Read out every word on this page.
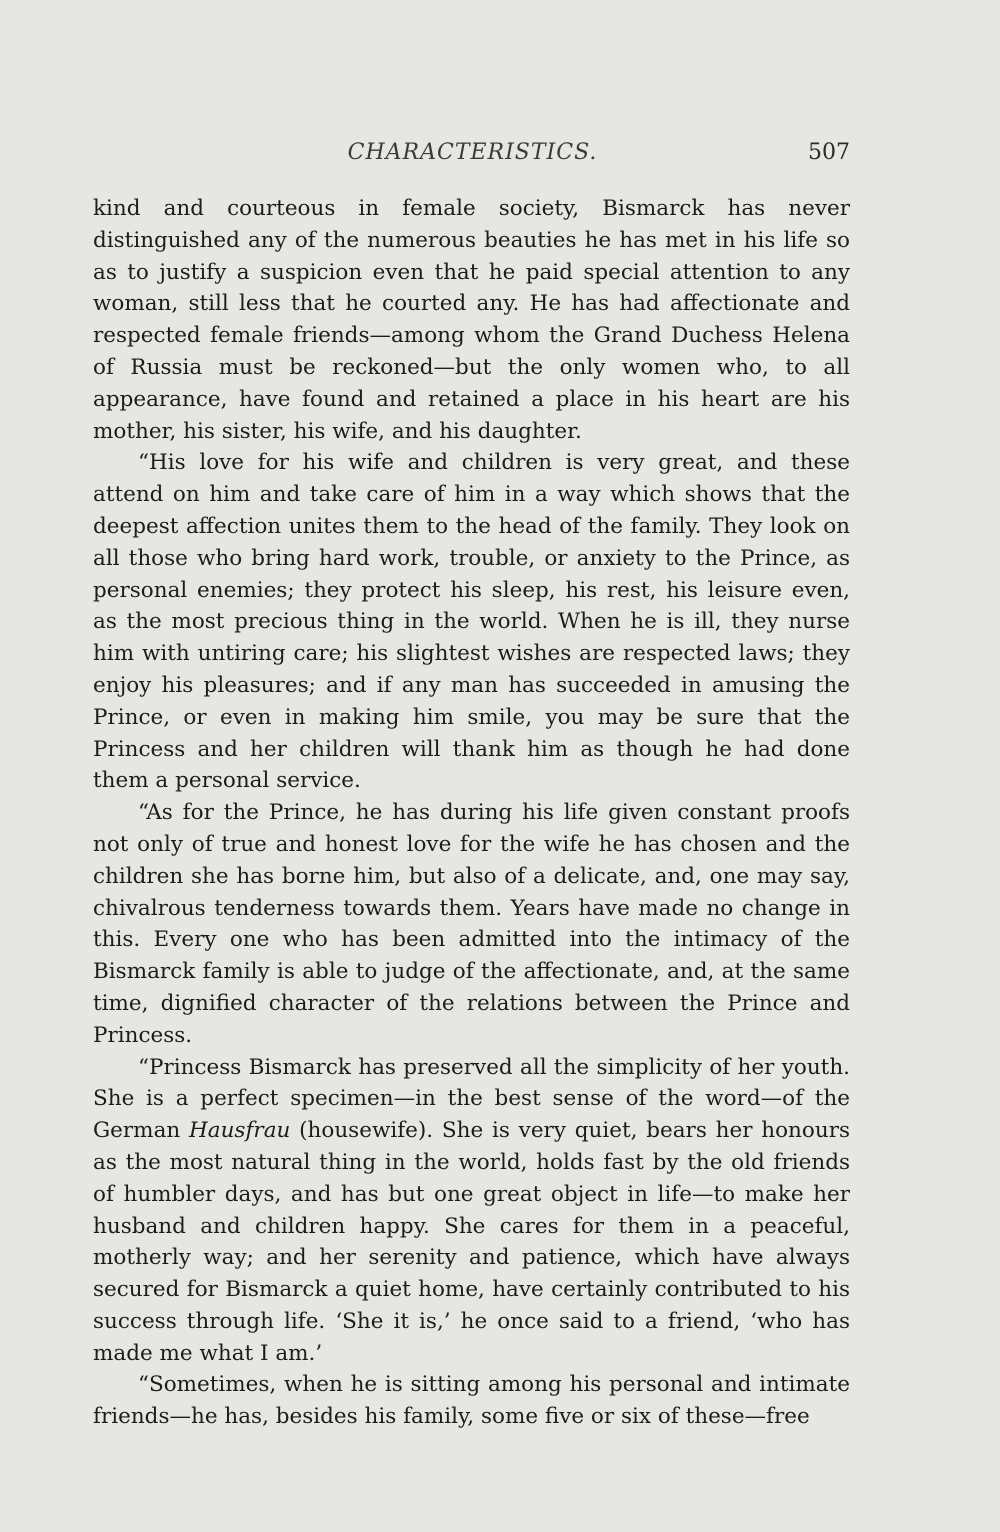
CHARACTERISTICS.	507

kind and courteous in female society, Bismarck has never distinguished any of the numerous beauties he has met in his life so as to justify a suspicion even that he paid special attention to any woman, still less that he courted any. He has had affectionate and respected female friends—among whom the Grand Duchess Helena of Russia must be reckoned—but the only women who, to all appearance, have found and retained a place in his heart are his mother, his sister, his wife, and his daughter.

“His love for his wife and children is very great, and these attend on him and take care of him in a way which shows that the deepest affection unites them to the head of the family. They look on all those who bring hard work, trouble, or anxiety to the Prince, as personal enemies; they protect his sleep, his rest, his leisure even, as the most precious thing in the world. When he is ill, they nurse him with untiring care; his slightest wishes are respected laws; they enjoy his pleasures; and if any man has succeeded in amusing the Prince, or even in making him smile, you may be sure that the Princess and her children will thank him as though he had done them a personal service.

“As for the Prince, he has during his life given constant proofs not only of true and honest love for the wife he has chosen and the children she has borne him, but also of a delicate, and, one may say, chivalrous tenderness towards them. Years have made no change in this. Every one who has been admitted into the intimacy of the Bismarck family is able to judge of the affectionate, and, at the same time, dignified character of the relations between the Prince and Princess.

“Princess Bismarck has preserved all the simplicity of her youth. She is a perfect specimen—in the best sense of the word—of the German Hausfrau (housewife). She is very quiet, bears her honours as the most natural thing in the world, holds fast by the old friends of humbler days, and has but one great object in life—to make her husband and children happy. She cares for them in a peaceful, motherly way; and her serenity and patience, which have always secured for Bismarck a quiet home, have certainly contributed to his success through life. ‘She it is,’ he once said to a friend, ‘who has made me what I am.’

“Sometimes, when he is sitting among his personal and intimate friends—he has, besides his family, some five or six of these—free
